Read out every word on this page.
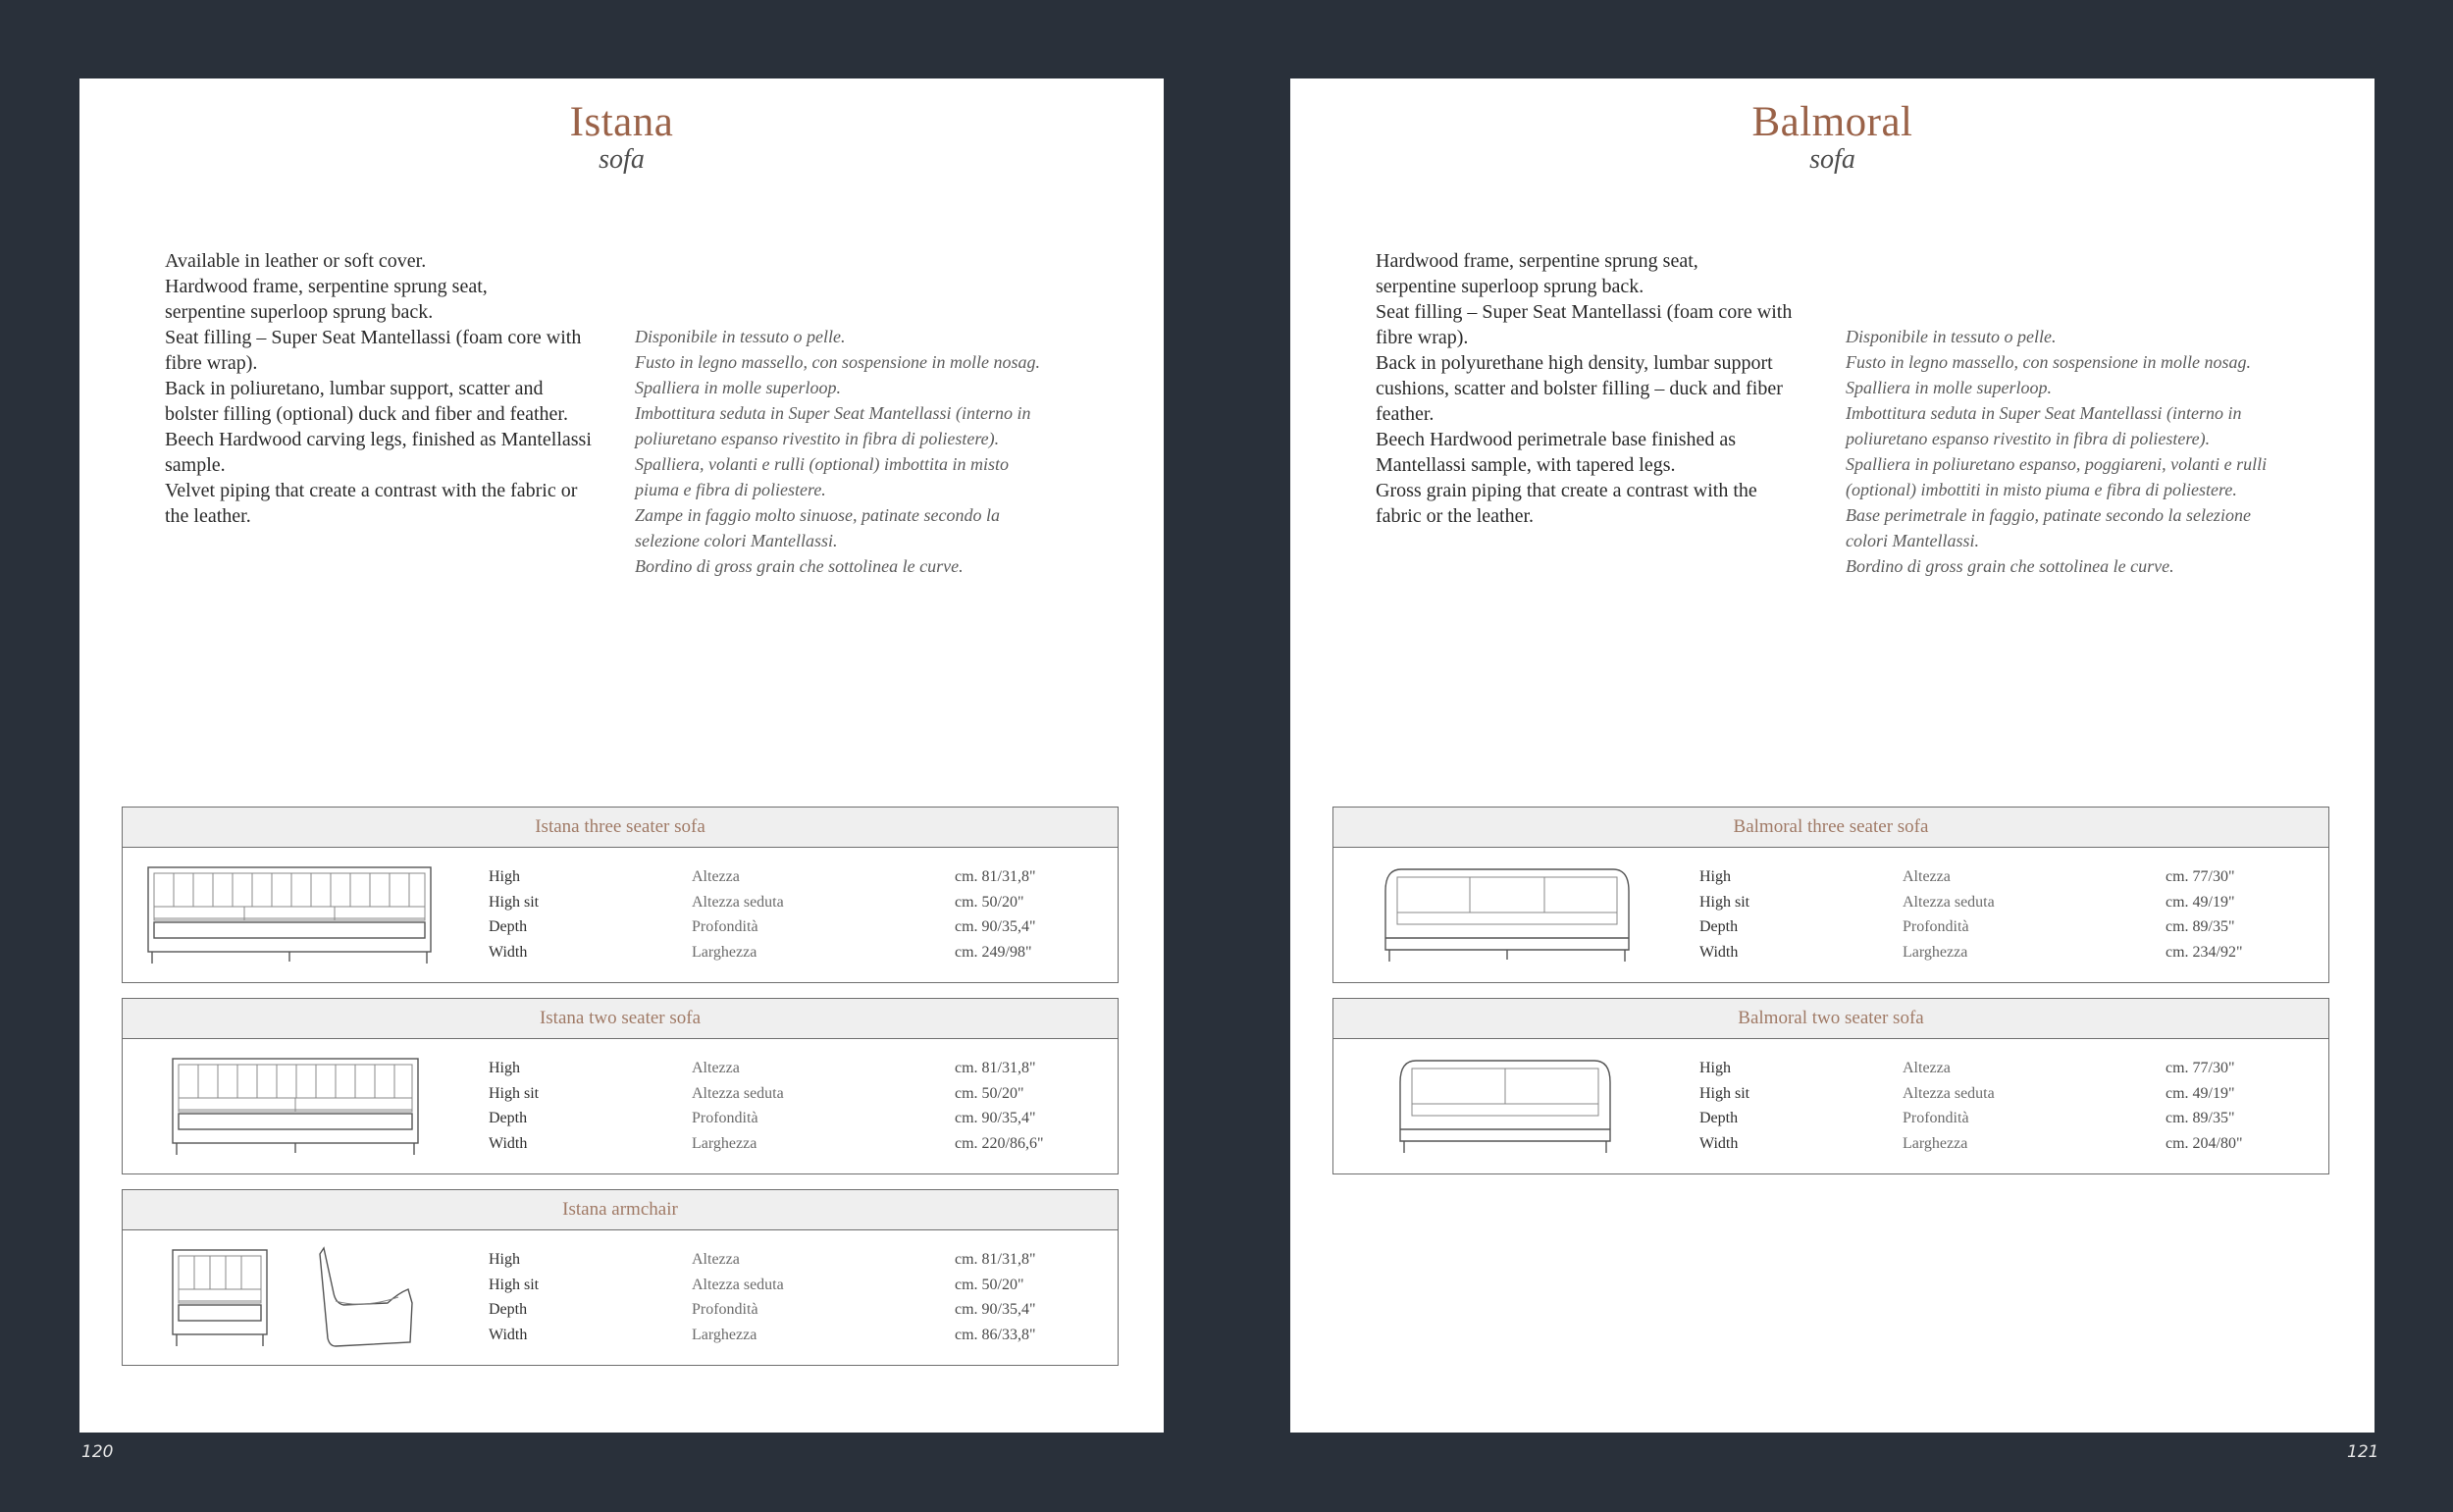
Istana
sofa
Available in leather or soft cover.
Hardwood frame, serpentine sprung seat,
serpentine superloop sprung back.
Seat filling – Super Seat Mantellassi (foam core with
fibre wrap).
Back in poliuretano, lumbar support, scatter and
bolster filling (optional) duck and fiber and feather.
Beech Hardwood carving legs, finished as Mantellassi
sample.
Velvet piping that create a contrast with the fabric or
the leather.
Disponibile in tessuto o pelle.
Fusto in legno massello, con sospensione in molle nosag.
Spalliera in molle superloop.
Imbottitura seduta in Super Seat Mantellassi (interno in
poliuretano espanso rivestito in fibra di poliestere).
Spalliera, volanti e rulli (optional) imbottita in misto
piuma e fibra di poliestere.
Zampe in faggio molto sinuose, patinate secondo la
selezione colori Mantellassi.
Bordino di gross grain che sottolinea le curve.
Istana three seater sofa
High	Altezza	cm. 81/31,8"
High sit	Altezza seduta	cm. 50/20"
Depth	Profondità	cm. 90/35,4"
Width	Larghezza	cm. 249/98"
Istana two seater sofa
High	Altezza	cm. 81/31,8"
High sit	Altezza seduta	cm. 50/20"
Depth	Profondità	cm. 90/35,4"
Width	Larghezza	cm. 220/86,6"
Istana armchair
High	Altezza	cm. 81/31,8"
High sit	Altezza seduta	cm. 50/20"
Depth	Profondità	cm. 90/35,4"
Width	Larghezza	cm. 86/33,8"
Balmoral
sofa
Hardwood frame, serpentine sprung seat,
serpentine superloop sprung back.
Seat filling – Super Seat Mantellassi (foam core with
fibre wrap).
Back in polyurethane high density, lumbar support
cushions, scatter and bolster filling – duck and fiber
feather.
Beech Hardwood perimetrale base finished as
Mantellassi sample, with tapered legs.
Gross grain piping that create a contrast with the
fabric or the leather.
Disponibile in tessuto o pelle.
Fusto in legno massello, con sospensione in molle nosag.
Spalliera in molle superloop.
Imbottitura seduta in Super Seat Mantellassi (interno in
poliuretano espanso rivestito in fibra di poliestere).
Spalliera in poliuretano espanso, poggiareni, volanti e rulli
(optional) imbottiti in misto piuma e fibra di poliestere.
Base perimetrale in faggio, patinate secondo la selezione
colori Mantellassi.
Bordino di gross grain che sottolinea le curve.
Balmoral three seater sofa
High	Altezza	cm. 77/30"
High sit	Altezza seduta	cm. 49/19"
Depth	Profondità	cm. 89/35"
Width	Larghezza	cm. 234/92"
Balmoral two seater sofa
High	Altezza	cm. 77/30"
High sit	Altezza seduta	cm. 49/19"
Depth	Profondità	cm. 89/35"
Width	Larghezza	cm. 204/80"
120	121
